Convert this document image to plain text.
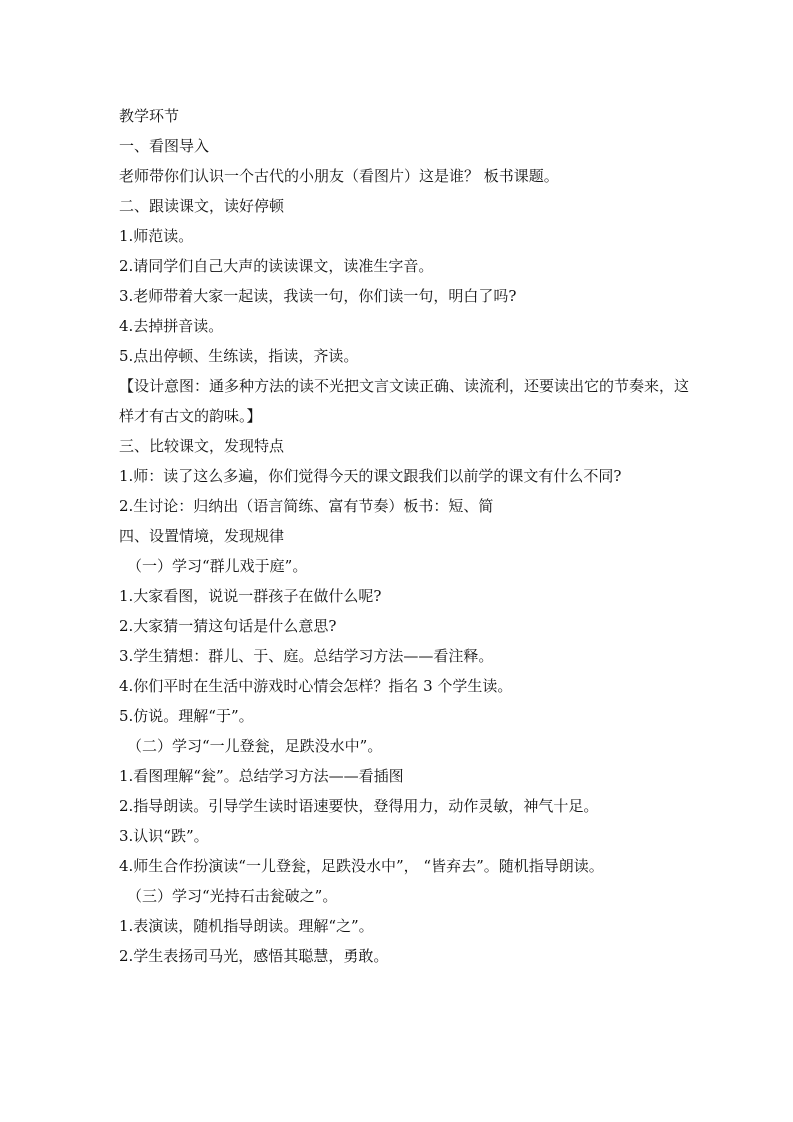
教学环节
一、看图导入
老师带你们认识一个古代的小朋友（看图片）这是谁？ 板书课题。
二、跟读课文，读好停顿
1.师范读。
2.请同学们自己大声的读读课文，读准生字音。
3.老师带着大家一起读，我读一句，你们读一句，明白了吗?
4.去掉拼音读。
5.点出停顿、生练读，指读，齐读。
【设计意图：通多种方法的读不光把文言文读正确、读流利，还要读出它的节奏来，这样才有古文的韵味。】
三、比较课文，发现特点
1.师：读了这么多遍，你们觉得今天的课文跟我们以前学的课文有什么不同?
2.生讨论：归纳出（语言简练、富有节奏）板书：短、简
四、设置情境，发现规律
（一）学习“群儿戏于庭”。
1.大家看图，说说一群孩子在做什么呢?
2.大家猜一猜这句话是什么意思?
3.学生猜想：群儿、于、庭。总结学习方法——看注释。
4.你们平时在生活中游戏时心情会怎样？指名 3 个学生读。
5.仿说。理解“于”。
（二）学习“一儿登瓮，足跌没水中”。
1.看图理解“瓮”。总结学习方法——看插图
2.指导朗读。引导学生读时语速要快，登得用力，动作灵敏，神气十足。
3.认识“跌”。
4.师生合作扮演读“一儿登瓮，足跌没水中”， “皆弃去”。随机指导朗读。
（三）学习“光持石击瓮破之”。
1.表演读，随机指导朗读。理解“之”。
2.学生表扬司马光，感悟其聪慧，勇敢。
